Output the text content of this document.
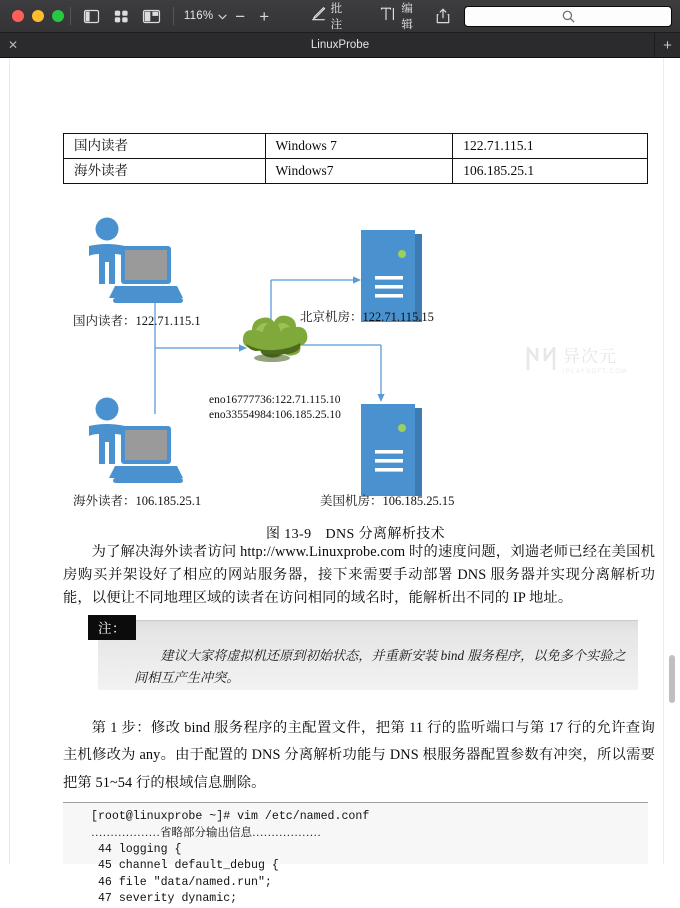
116%	− +	批注
编辑
✕	LinuxProbe	+
国内读者	Windows 7	122.71.115.1
海外读者	Windows7	106.185.25.1
国内读者：122.71.115.1
海外读者：106.185.25.1
北京机房：122.71.115.15
美国机房：106.185.25.15
eno16777736:122.71.115.10
eno33554984:106.185.25.10
图 13-9 DNS 分离解析技术
异次元
IPLAYSOFT.COM
为了解决海外读者访问 http://www.Linuxprobe.com 时的速度问题，刘遄老师已经在美国机房购买并架设好了相应的网站服务器，接下来需要手动部署 DNS 服务器并实现分离解析功能，以便让不同地理区域的读者在访问相同的域名时，能解析出不同的 IP 地址。
注：
建议大家将虚拟机还原到初始状态，并重新安装 bind 服务程序，以免多个实验之间相互产生冲突。
第 1 步：修改 bind 服务程序的主配置文件，把第 11 行的监听端口与第 17 行的允许查询主机修改为 any。由于配置的 DNS 分离解析功能与 DNS 根服务器配置参数有冲突，所以需要把第 51~54 行的根域信息删除。
[root@linuxprobe ~]# vim /etc/named.conf
………………省略部分输出信息………………
44 logging {
45 channel default_debug {
46 file "data/named.run";
47 severity dynamic;
